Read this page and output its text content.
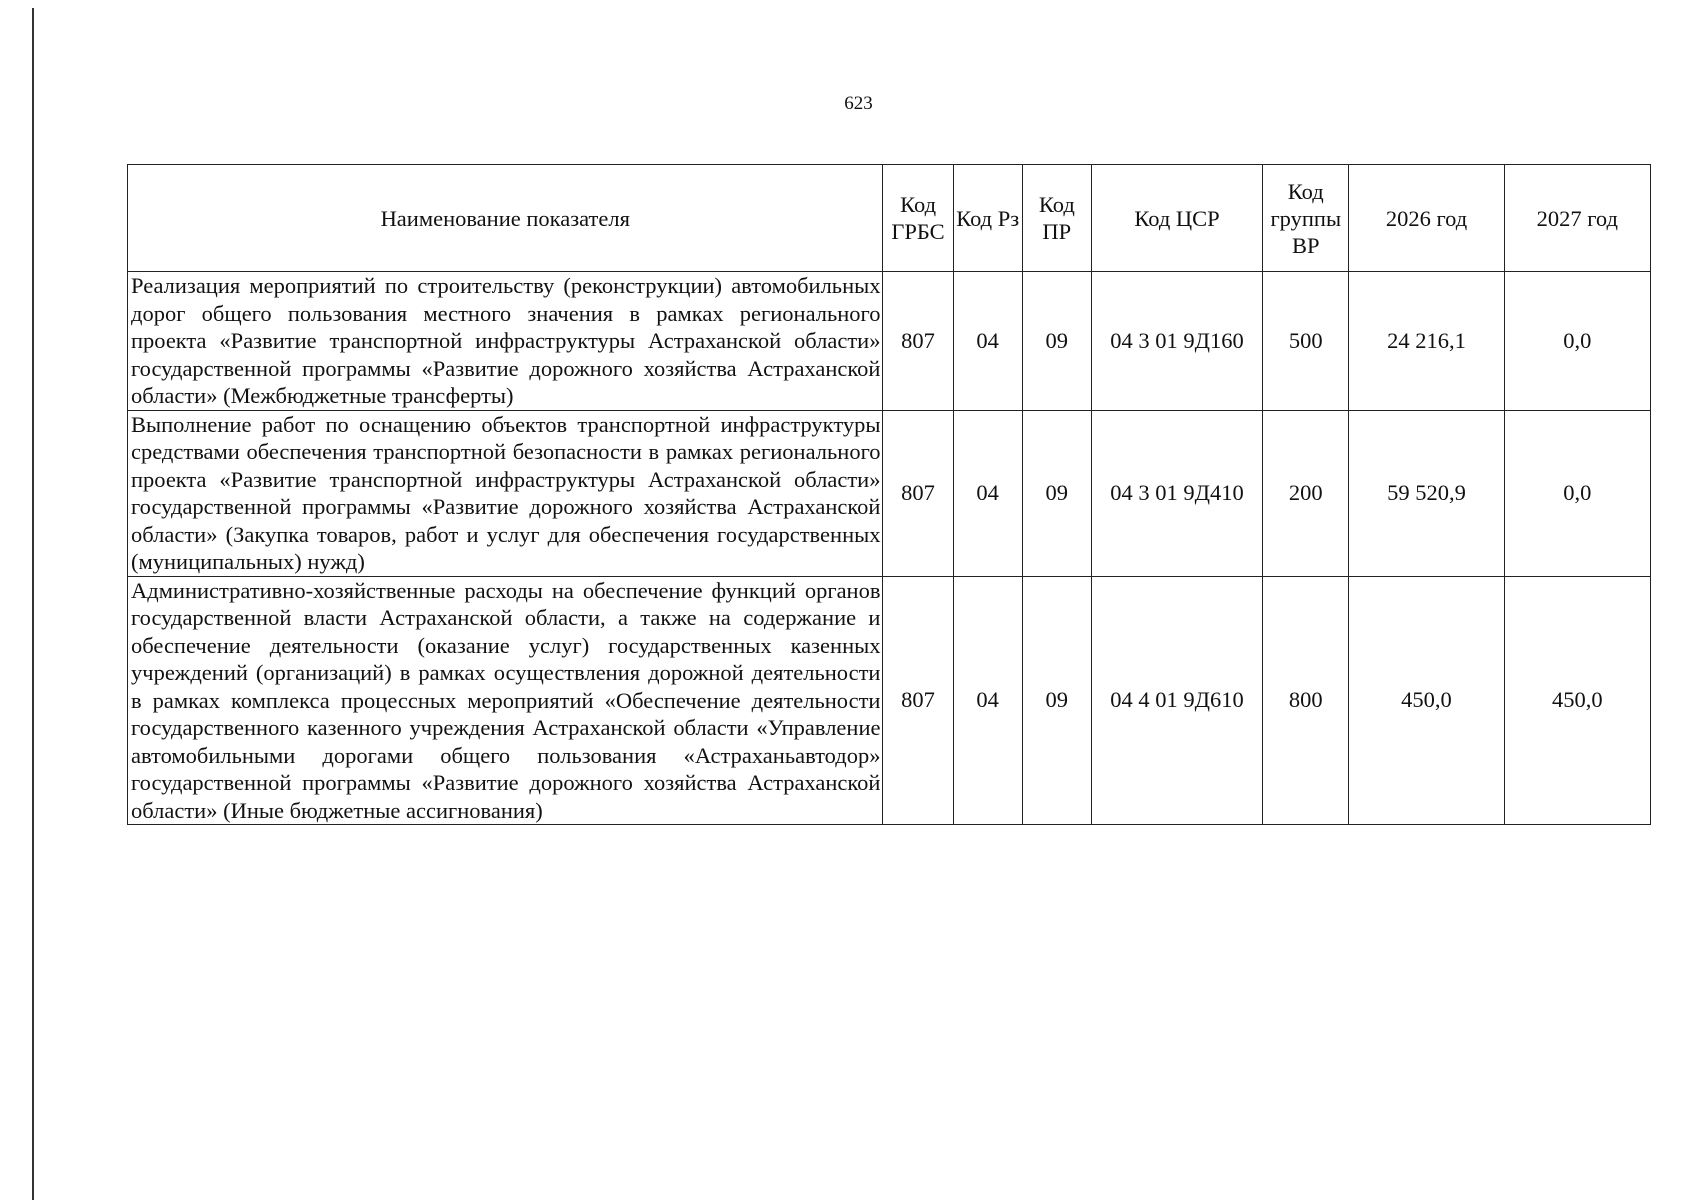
623
Наименование показателя	Код ГРБС	Код Рз	Код ПР	Код ЦСР	Код группы ВР	2026 год	2027 год
Реализация мероприятий по строительству (реконструкции) автомобильных дорог общего пользования местного значения в рамках регионального проекта «Развитие транспортной инфраструктуры Астраханской области» государственной программы «Развитие дорожного хозяйства Астраханской области» (Межбюджетные трансферты)	807	04	09	04 3 01 9Д160	500	24 216,1	0,0
Выполнение работ по оснащению объектов транспортной инфраструктуры средствами обеспечения транспортной безопасности в рамках регионального проекта «Развитие транспортной инфраструктуры Астраханской области» государственной программы «Развитие дорожного хозяйства Астраханской области» (Закупка товаров, работ и услуг для обеспечения государственных (муниципальных) нужд)	807	04	09	04 3 01 9Д410	200	59 520,9	0,0
Административно-хозяйственные расходы на обеспечение функций органов государственной власти Астраханской области, а также на содержание и обеспечение деятельности (оказание услуг) государственных казенных учреждений (организаций) в рамках осуществления дорожной деятельности в рамках комплекса процессных мероприятий «Обеспечение деятельности государственного казенного учреждения Астраханской области «Управление автомобильными дорогами общего пользования «Астраханьавтодор» государственной программы «Развитие дорожного хозяйства Астраханской области» (Иные бюджетные ассигнования)	807	04	09	04 4 01 9Д610	800	450,0	450,0
